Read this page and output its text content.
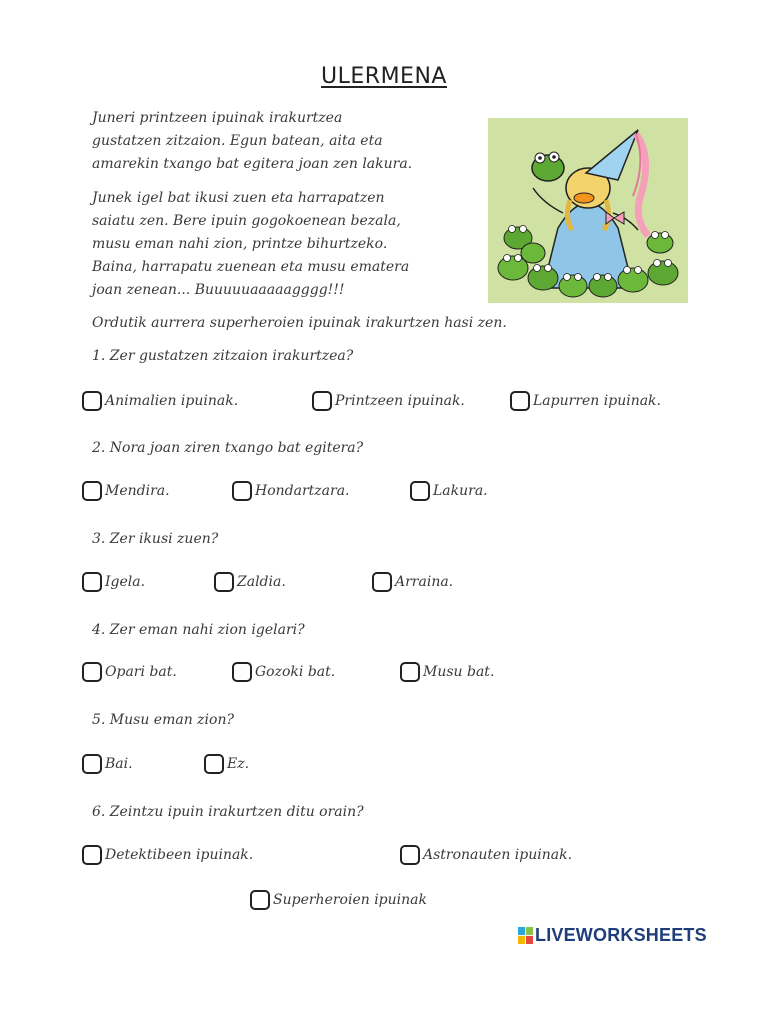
ULERMENA
Juneri printzeen ipuinak irakurtzea
gustatzen zitzaion. Egun batean, aita eta
amarekin txango bat egitera joan zen lakura.
Junek igel bat ikusi zuen eta harrapatzen
saiatu zen. Bere ipuin gogokoenean bezala,
musu eman nahi zion, printze bihurtzeko.
Baina, harrapatu zuenean eta musu ematera
joan zenean... Buuuuuaaaaagggg!!!
Ordutik aurrera superheroien ipuinak irakurtzen hasi zen.
1. Zer gustatzen zitzaion irakurtzea?
Animalien ipuinak.	Printzeen ipuinak.	Lapurren ipuinak.
2. Nora joan ziren txango bat egitera?
Mendira.	Hondartzara.	Lakura.
3. Zer ikusi zuen?
Igela.	Zaldia.	Arraina.
4. Zer eman nahi zion igelari?
Opari bat.	Gozoki bat.	Musu bat.
5. Musu eman zion?
Bai.	Ez.
6. Zeintzu ipuin irakurtzen ditu orain?
Detektibeen ipuinak.	Astronauten ipuinak.
Superheroien ipuinak
LIVEWORKSHEETS
